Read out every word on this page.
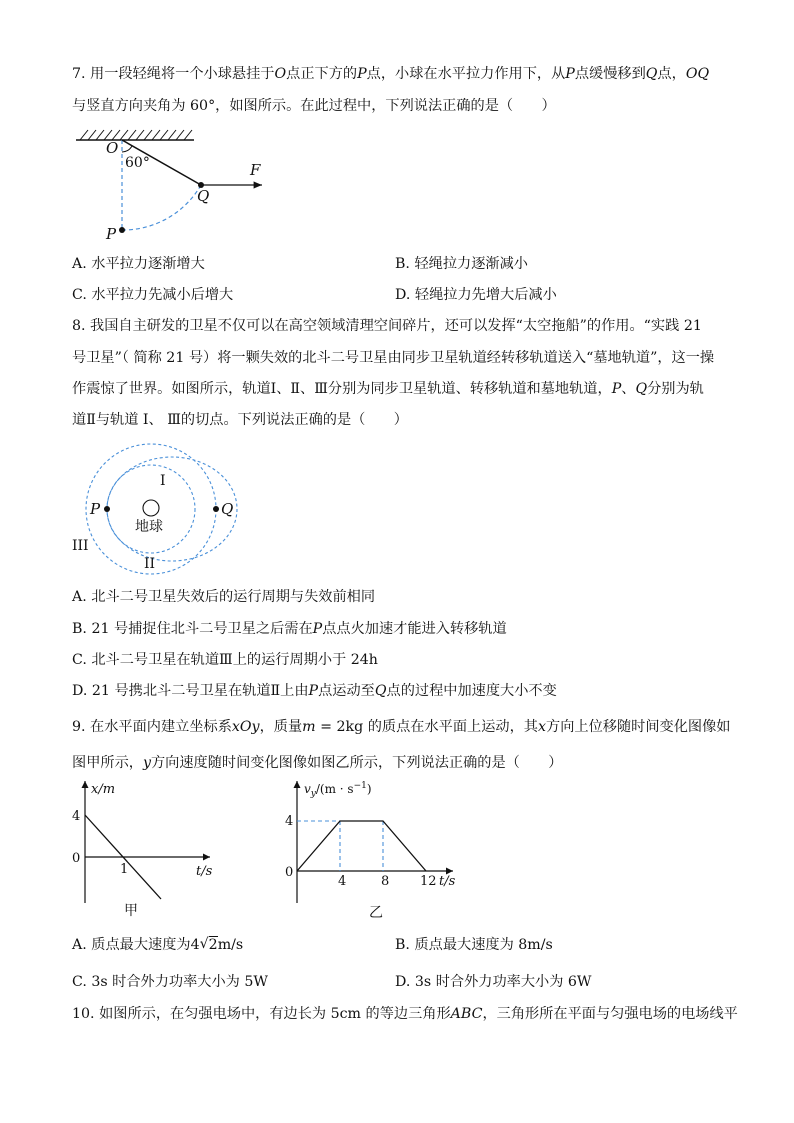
7. 用一段轻绳将一个小球悬挂于O点正下方的P点，小球在水平拉力作用下，从P点缓慢移到Q点，OQ
与竖直方向夹角为 60°，如图所示。在此过程中，下列说法正确的是（　　）
O
60°
Q
F
P
A. 水平拉力逐渐增大	B. 轻绳拉力逐渐减小
C. 水平拉力先减小后增大	D. 轻绳拉力先增大后减小
8. 我国自主研发的卫星不仅可以在高空领域清理空间碎片，还可以发挥“太空拖船”的作用。“实践 21
号卫星”（ 简称 21 号）将一颗失效的北斗二号卫星由同步卫星轨道经转移轨道送入“墓地轨道”，这一操
作震惊了世界。如图所示，轨道Ⅰ、Ⅱ、Ⅲ分别为同步卫星轨道、转移轨道和墓地轨道，P、Q分别为轨
道Ⅱ与轨道 Ⅰ、 Ⅲ的切点。下列说法正确的是（　　）
I
P	Q
地球
III
II
A. 北斗二号卫星失效后的运行周期与失效前相同
B. 21 号捕捉住北斗二号卫星之后需在P点点火加速才能进入转移轨道
C. 北斗二号卫星在轨道Ⅲ上的运行周期小于 24h
D. 21 号携北斗二号卫星在轨道Ⅱ上由P点运动至Q点的过程中加速度大小不变
9. 在水平面内建立坐标系xOy，质量m = 2kg 的质点在水平面上运动，其x方向上位移随时间变化图像如
图甲所示，y方向速度随时间变化图像如图乙所示，下列说法正确的是（　　）
x/m
t/s
4
0
1
甲
$v_y/(m \cdot s^{-1})$
t/s
4
0
4	8 12
乙
A. 质点最大速度为4√2m/s	B. 质点最大速度为 8m/s
C. 3s 时合外力功率大小为 5W	D. 3s 时合外力功率大小为 6W
10. 如图所示，在匀强电场中，有边长为 5cm 的等边三角形ABC，三角形所在平面与匀强电场的电场线平
